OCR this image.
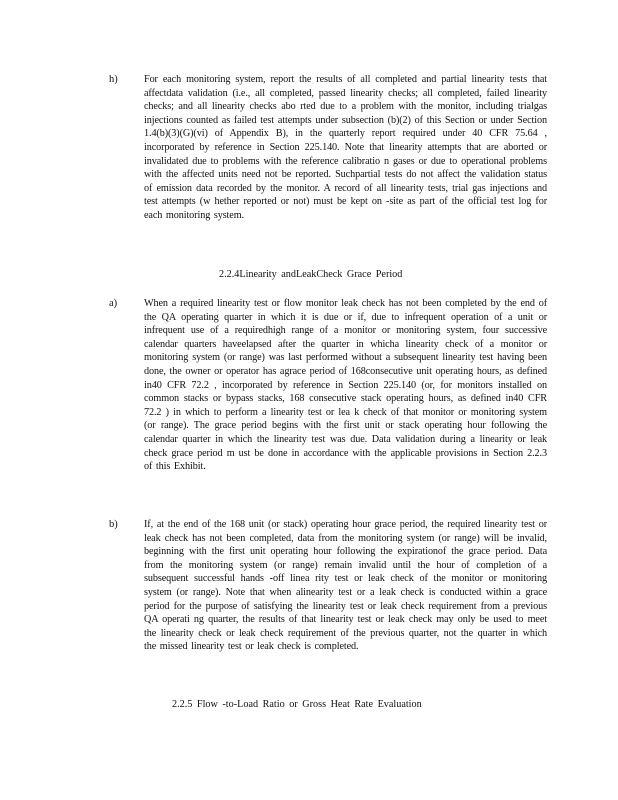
h)	For each monitoring system, report the results of all completed and partial linearity tests that affectdata validation (i.e., all completed, passed linearity checks; all completed, failed linearity checks; and all linearity checks abo rted due to a problem with the monitor, including trialgas injections counted as failed test attempts under subsection (b)(2) of this Section or under Section 1.4(b)(3)(G)(vi) of Appendix B), in the quarterly report required under 40 CFR 75.64 , incorporated by reference in Section 225.140. Note that linearity attempts that are aborted or invalidated due to problems with the reference calibratio n gases or due to operational problems with the affected units need not be reported. Suchpartial tests do not affect the validation status of emission data recorded by the monitor. A record of all linearity tests, trial gas injections and test attempts (w hether reported or not) must be kept on -site as part of the official test log for each monitoring system.
2.2.4Linearity andLeakCheck Grace Period
a)	When a required linearity test or flow monitor leak check has not been completed by the end of the QA operating quarter in which it is due or if, due to infrequent operation of a unit or infrequent use of a requiredhigh range of a monitor or monitoring system, four successive calendar quarters haveelapsed after the quarter in whicha linearity check of a monitor or monitoring system (or range) was last performed without a subsequent linearity test having been done, the owner or operator has agrace period of 168consecutive unit operating hours, as defined in40 CFR 72.2 , incorporated by reference in Section 225.140 (or, for monitors installed on common stacks or bypass stacks, 168 consecutive stack operating hours, as defined in40 CFR 72.2 ) in which to perform a linearity test or lea k check of that monitor or monitoring system (or range). The grace period begins with the first unit or stack operating hour following the calendar quarter in which the linearity test was due. Data validation during a linearity or leak check grace period m ust be done in accordance with the applicable provisions in Section 2.2.3 of this Exhibit.
b)	If, at the end of the 168 unit (or stack) operating hour grace period, the required linearity test or leak check has not been completed, data from the monitoring system (or range) will be invalid, beginning with the first unit operating hour following the expirationof the grace period. Data from the monitoring system (or range) remain invalid until the hour of completion of a subsequent successful hands -off linea rity test or leak check of the monitor or monitoring system (or range). Note that when alinearity test or a leak check is conducted within a grace period for the purpose of satisfying the linearity test or leak check requirement from a previous QA operati ng quarter, the results of that linearity test or leak check may only be used to meet the linearity check or leak check requirement of the previous quarter, not the quarter in which the missed linearity test or leak check is completed.
2.2.5 Flow -to-Load Ratio or Gross Heat Rate Evaluation
